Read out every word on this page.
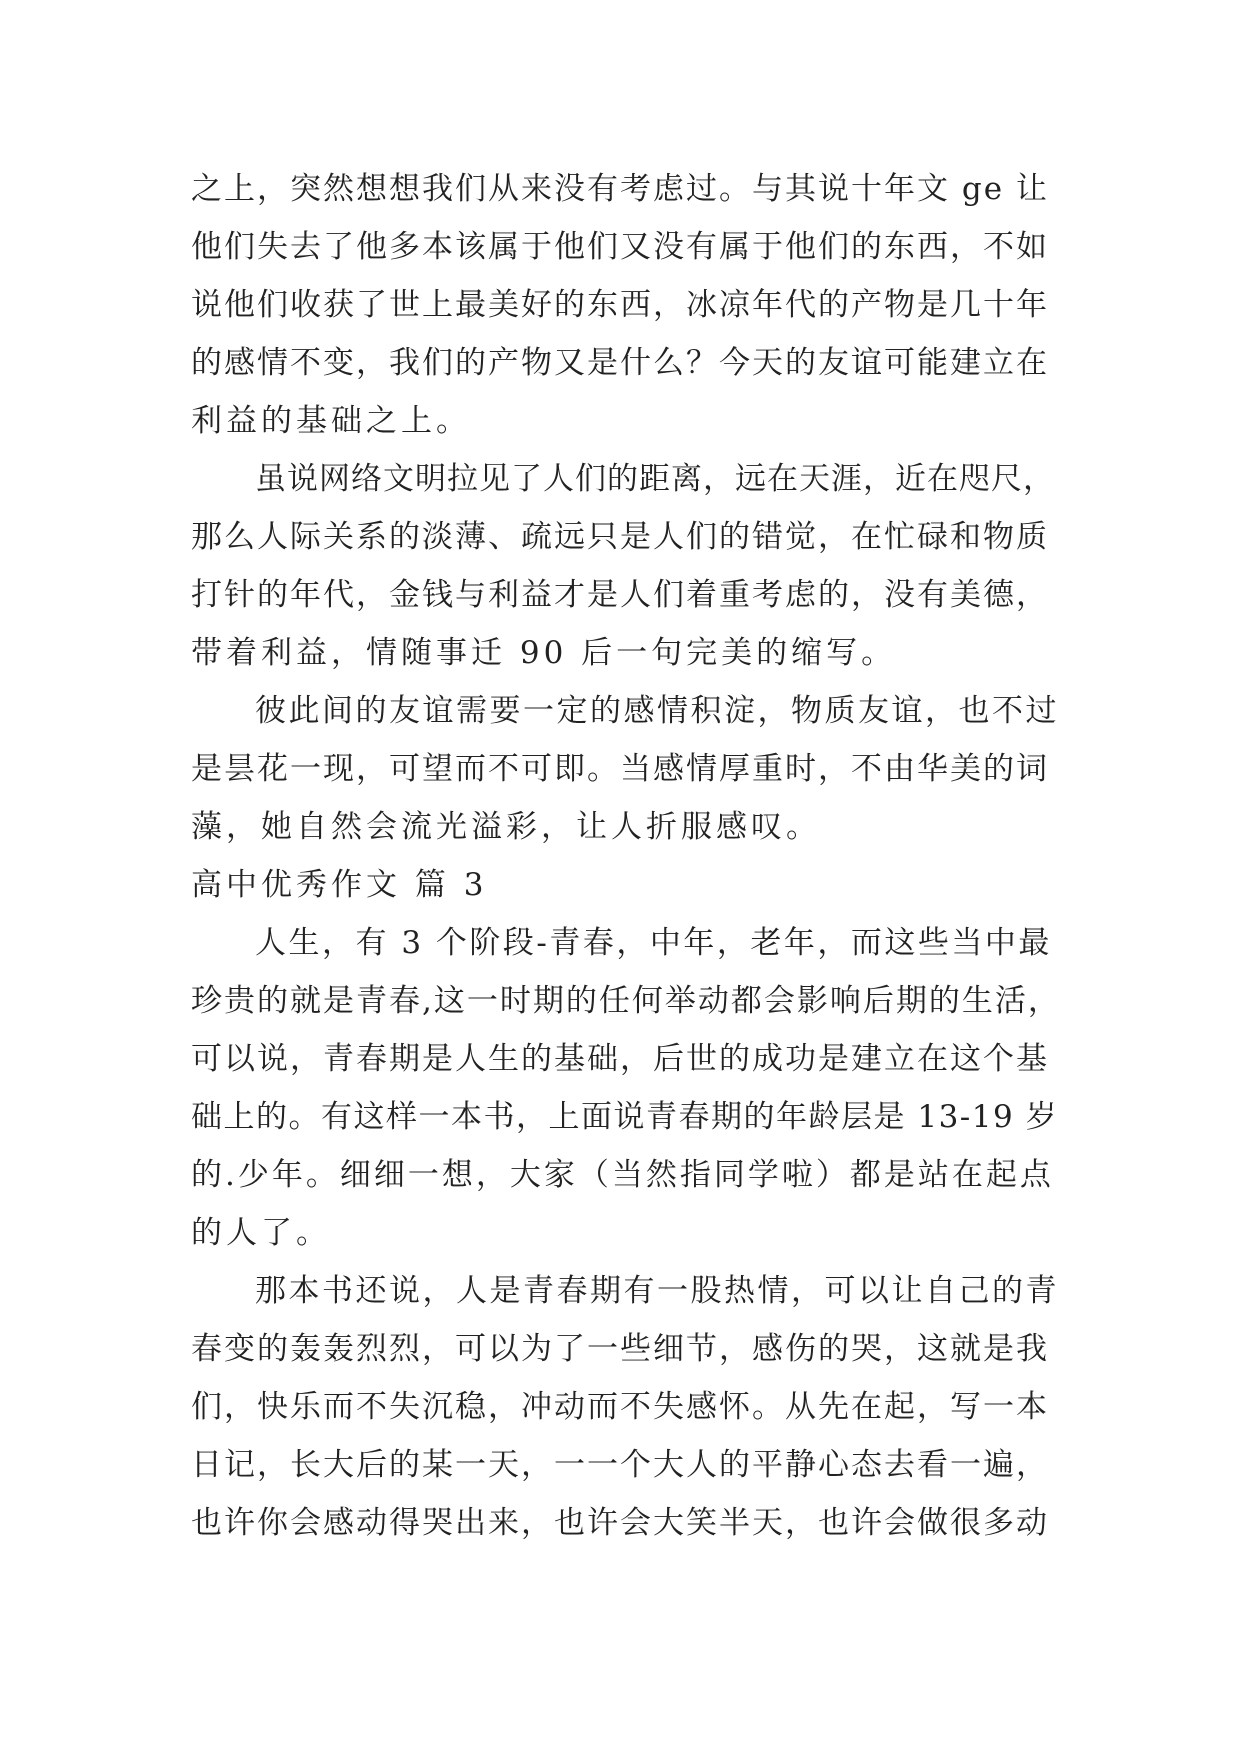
之上，突然想想我们从来没有考虑过。与其说十年文 ge 让
他们失去了他多本该属于他们又没有属于他们的东西，不如
说他们收获了世上最美好的东西，冰凉年代的产物是几十年
的感情不变，我们的产物又是什么？今天的友谊可能建立在
利益的基础之上。
虽说网络文明拉见了人们的距离，远在天涯，近在咫尺，
那么人际关系的淡薄、疏远只是人们的错觉，在忙碌和物质
打针的年代，金钱与利益才是人们着重考虑的，没有美德，
带着利益，情随事迁 90 后一句完美的缩写。
彼此间的友谊需要一定的感情积淀，物质友谊，也不过
是昙花一现，可望而不可即。当感情厚重时，不由华美的词
藻，她自然会流光溢彩，让人折服感叹。
高中优秀作文 篇 3
人生，有 3 个阶段-青春，中年，老年，而这些当中最
珍贵的就是青春,这一时期的任何举动都会影响后期的生活，
可以说，青春期是人生的基础，后世的成功是建立在这个基
础上的。有这样一本书，上面说青春期的年龄层是 13-19 岁
的.少年。细细一想，大家（当然指同学啦）都是站在起点
的人了。
那本书还说，人是青春期有一股热情，可以让自己的青
春变的轰轰烈烈，可以为了一些细节，感伤的哭，这就是我
们，快乐而不失沉稳，冲动而不失感怀。从先在起，写一本
日记，长大后的某一天，一一个大人的平静心态去看一遍，
也许你会感动得哭出来，也许会大笑半天，也许会做很多动
